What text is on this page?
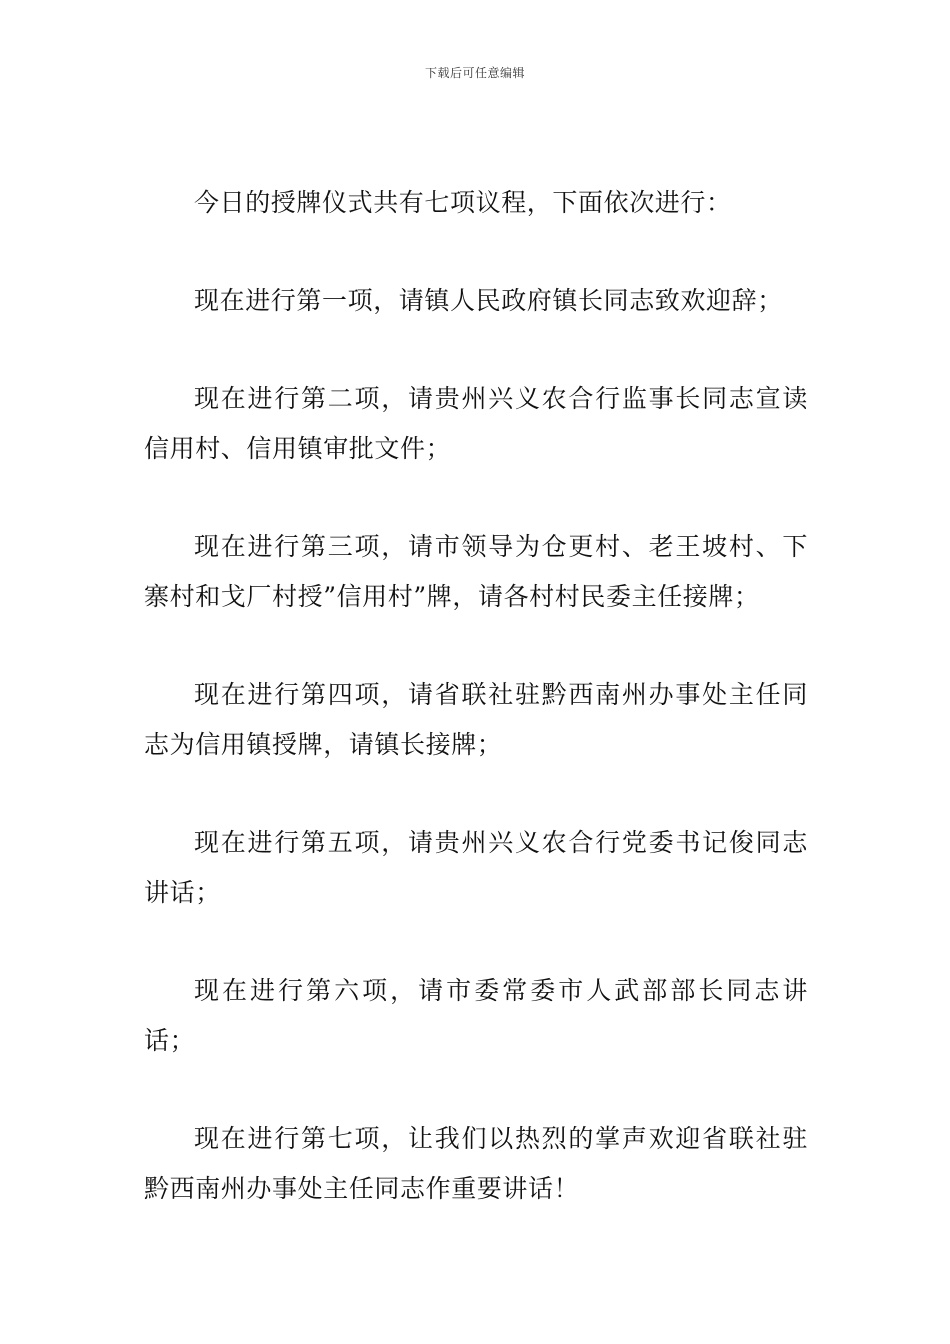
下载后可任意编辑

今日的授牌仪式共有七项议程，下面依次进行：

现在进行第一项，请镇人民政府镇长同志致欢迎辞；

现在进行第二项，请贵州兴义农合行监事长同志宣读信用村、信用镇审批文件；

现在进行第三项，请市领导为仓更村、老王坡村、下寨村和戈厂村授”信用村”牌，请各村村民委主任接牌；

现在进行第四项，请省联社驻黔西南州办事处主任同志为信用镇授牌，请镇长接牌；

现在进行第五项，请贵州兴义农合行党委书记俊同志讲话；

现在进行第六项，请市委常委市人武部部长同志讲话；

现在进行第七项，让我们以热烈的掌声欢迎省联社驻黔西南州办事处主任同志作重要讲话！
